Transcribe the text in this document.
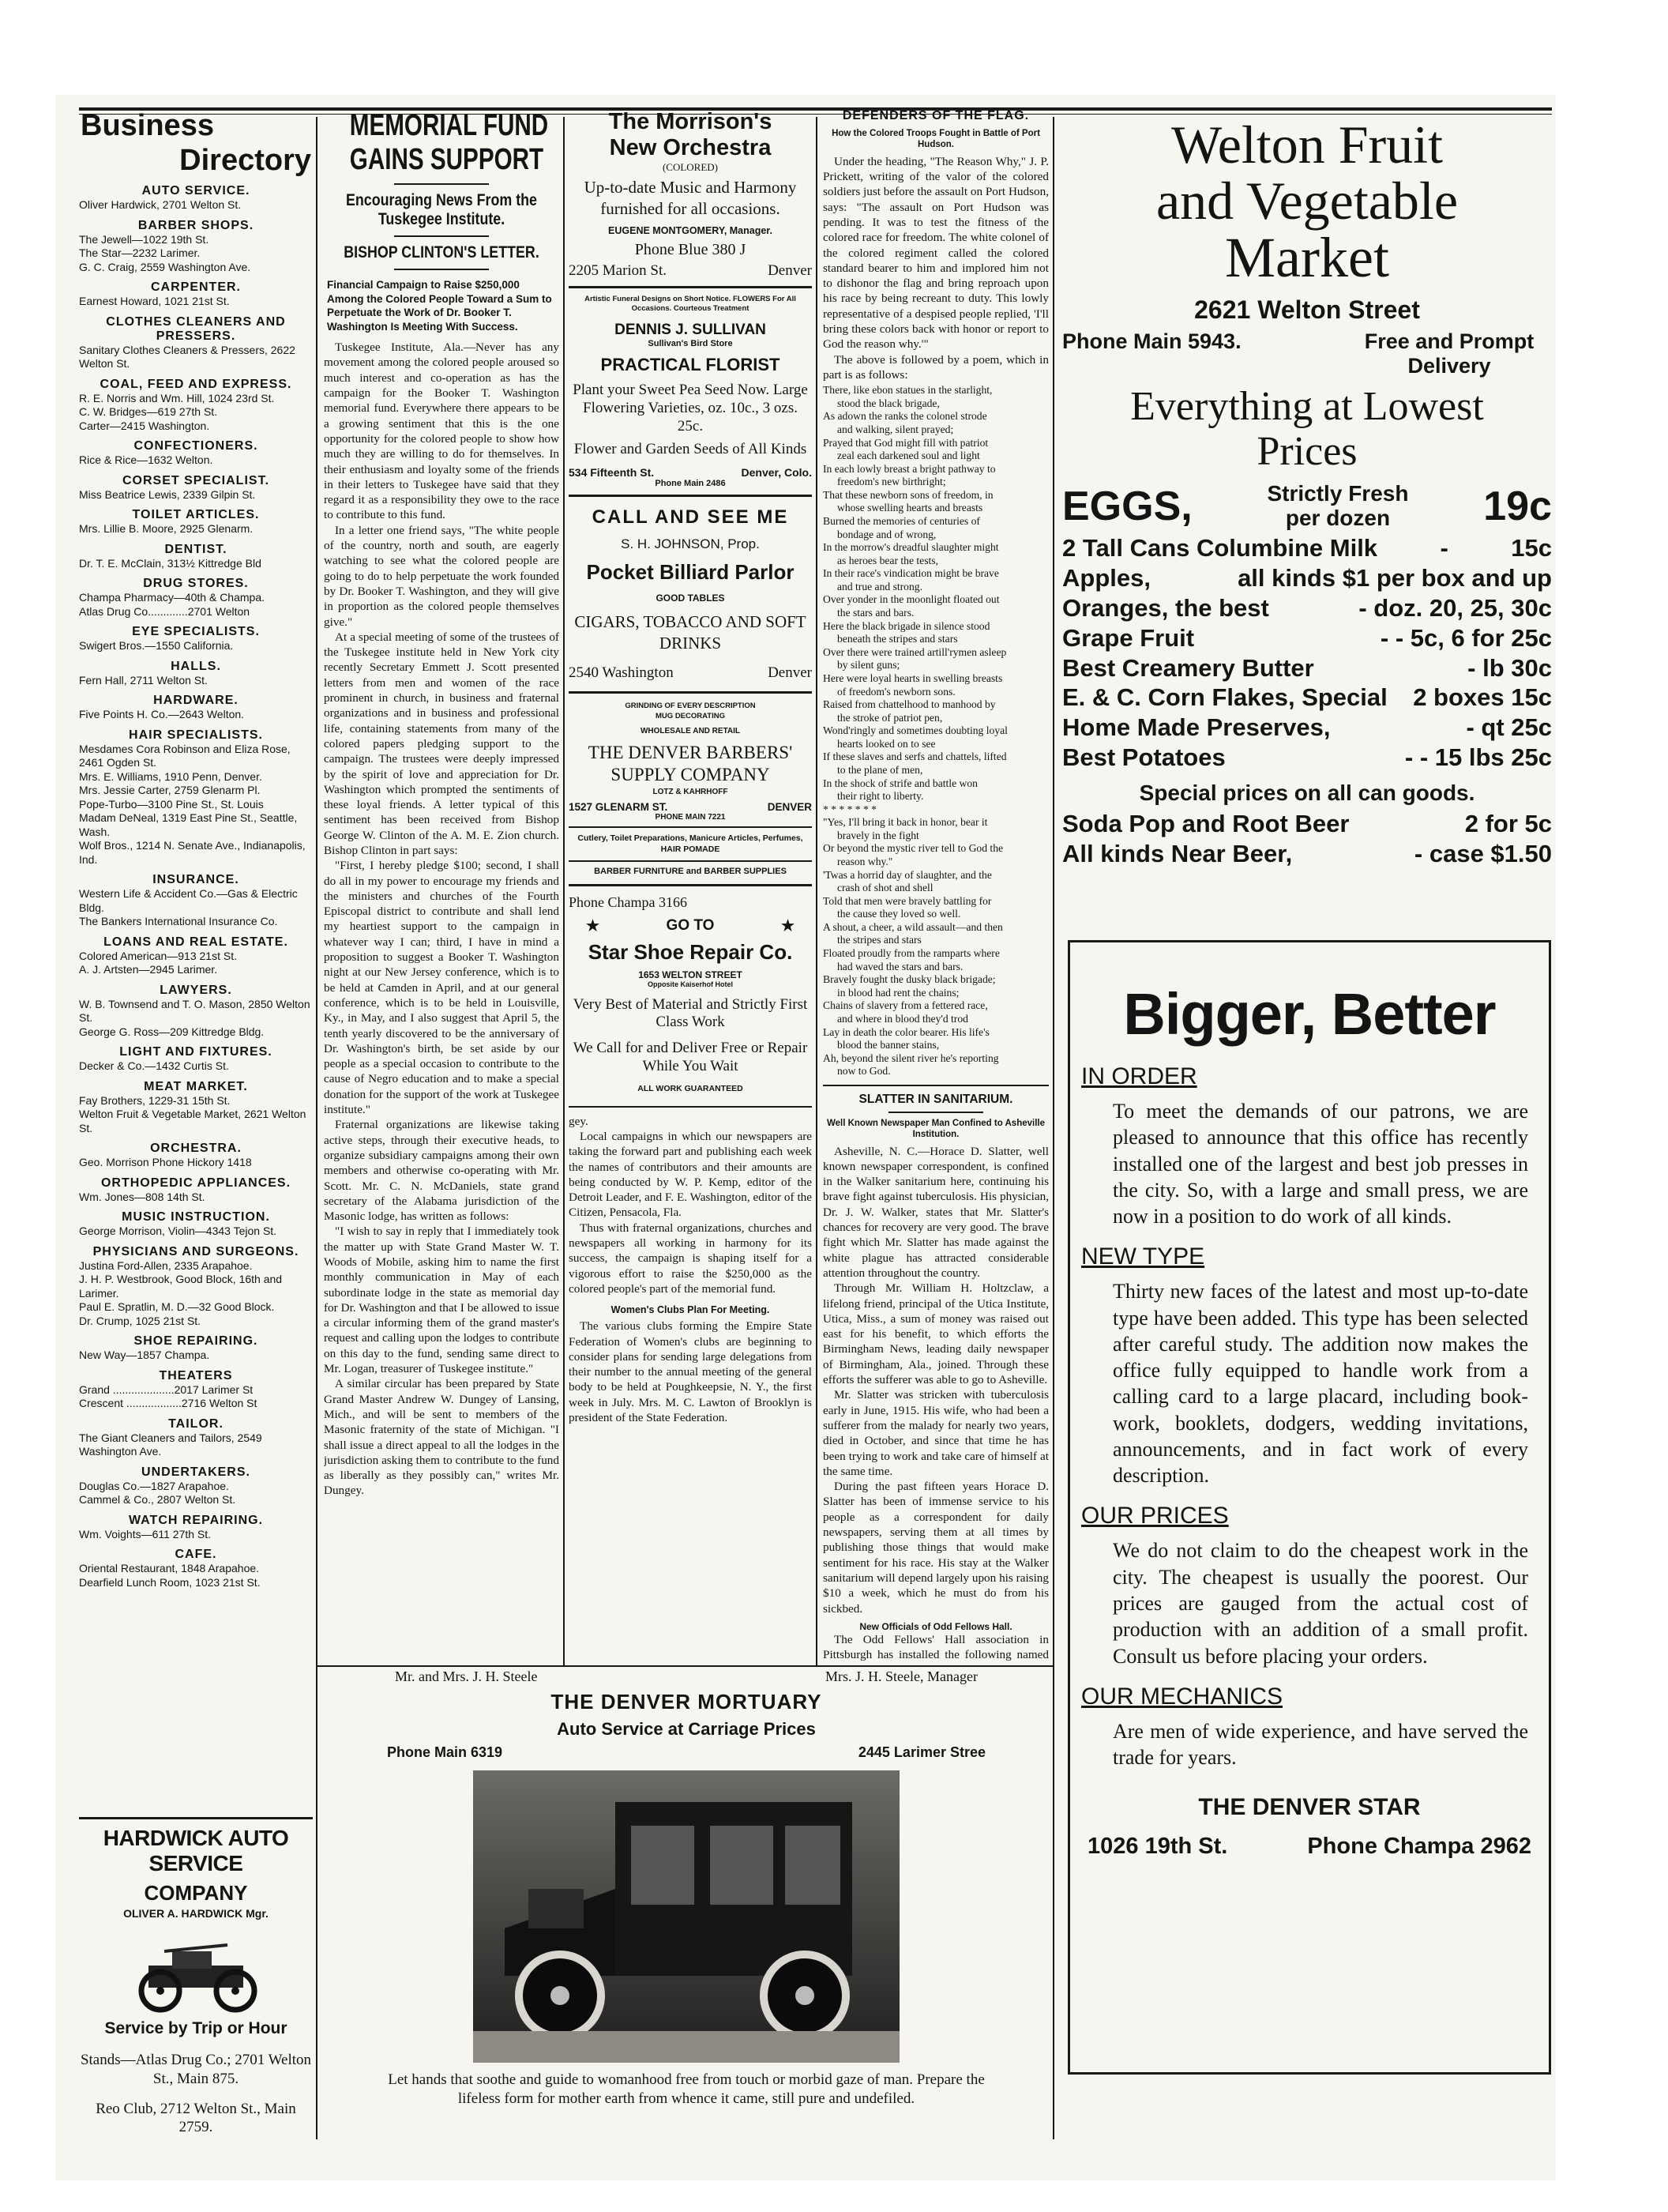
Business
Directory
AUTO SERVICE.
Oliver Hardwick, 2701 Welton St.
BARBER SHOPS.
The Jewell—1022 19th St.
The Star—2232 Larimer.
G. C. Craig, 2559 Washington Ave.
CARPENTER.
Earnest Howard, 1021 21st St.
CLOTHES CLEANERS AND PRESSERS.
Sanitary Clothes Cleaners & Pressers, 2622 Welton St.
COAL, FEED AND EXPRESS.
R. E. Norris and Wm. Hill, 1024 23rd St.
C. W. Bridges—619 27th St.
Carter—2415 Washington.
CONFECTIONERS.
Rice & Rice—1632 Welton.
CORSET SPECIALIST.
Miss Beatrice Lewis, 2339 Gilpin St.
TOILET ARTICLES.
Mrs. Lillie B. Moore, 2925 Glenarm.
DENTIST.
Dr. T. E. McClain, 313½ Kittredge Bld
DRUG STORES.
Champa Pharmacy—40th & Champa.
Atlas Drug Co.............2701 Welton
EYE SPECIALISTS.
Swigert Bros.—1550 California.
HALLS.
Fern Hall, 2711 Welton St.
HARDWARE.
Five Points H. Co.—2643 Welton.
HAIR SPECIALISTS.
Mesdames Cora Robinson and Eliza Rose, 2461 Ogden St.
Mrs. E. Williams, 1910 Penn, Denver.
Mrs. Jessie Carter, 2759 Glenarm Pl.
Pope-Turbo—3100 Pine St., St. Louis
Madam DeNeal, 1319 East Pine St., Seattle, Wash.
Wolf Bros., 1214 N. Senate Ave., Indianapolis, Ind.
INSURANCE.
Western Life & Accident Co.—Gas & Electric Bldg.
The Bankers International Insurance Co.
LOANS AND REAL ESTATE.
Colored American—913 21st St.
A. J. Artsten—2945 Larimer.
LAWYERS.
W. B. Townsend and T. O. Mason, 2850 Welton St.
George G. Ross—209 Kittredge Bldg.
LIGHT AND FIXTURES.
Decker & Co.—1432 Curtis St.
MEAT MARKET.
Fay Brothers, 1229-31 15th St.
Welton Fruit & Vegetable Market, 2621 Welton St.
ORCHESTRA.
Geo. Morrison Phone Hickory 1418
ORTHOPEDIC APPLIANCES.
Wm. Jones—808 14th St.
MUSIC INSTRUCTION.
George Morrison, Violin—4343 Tejon St.
PHYSICIANS AND SURGEONS.
Justina Ford-Allen, 2335 Arapahoe.
J. H. P. Westbrook, Good Block, 16th and Larimer.
Paul E. Spratlin, M. D.—32 Good Block.
Dr. Crump, 1025 21st St.
SHOE REPAIRING.
New Way—1857 Champa.
THEATERS
Grand ....................2017 Larimer St
Crescent ..................2716 Welton St
TAILOR.
The Giant Cleaners and Tailors, 2549 Washington Ave.
UNDERTAKERS.
Douglas Co.—1827 Arapahoe.
Cammel & Co., 2807 Welton St.
WATCH REPAIRING.
Wm. Voights—611 27th St.
CAFE.
Oriental Restaurant, 1848 Arapahoe.
Dearfield Lunch Room, 1023 21st St.
HARDWICK AUTO SERVICE
COMPANY
OLIVER A. HARDWICK Mgr.
Service by Trip or Hour

Stands—Atlas Drug Co.; 2701 Welton St., Main 875.

Reo Club, 2712 Welton St., Main 2759.

MEMORIAL FUND
GAINS SUPPORT
Encouraging News From the
Tuskegee Institute.
BISHOP CLINTON'S LETTER.

Financial Campaign to Raise $250,000 Among the Colored People Toward a Sum to Perpetuate the Work of Dr. Booker T. Washington Is Meeting With Success.

Tuskegee Institute, Ala.—Never has any movement among the colored people aroused so much interest and co-operation as has the campaign for the Booker T. Washington memorial fund. Everywhere there appears to be a growing sentiment that this is the one opportunity for the colored people to show how much they are willing to do for themselves. In their enthusiasm and loyalty some of the friends in their letters to Tuskegee have said that they regard it as a responsibility they owe to the race to contribute to this fund.

In a letter one friend says, "The white people of the country, north and south, are eagerly watching to see what the colored people are going to do to help perpetuate the work founded by Dr. Booker T. Washington, and they will give in proportion as the colored people themselves give."

At a special meeting of some of the trustees of the Tuskegee institute held in New York city recently Secretary Emmett J. Scott presented letters from men and women of the race prominent in church, in business and fraternal organizations and in business and professional life, containing statements from many of the colored papers pledging support to the campaign. The trustees were deeply impressed by the spirit of love and appreciation for Dr. Washington which prompted the sentiments of these loyal friends. A letter typical of this sentiment has been received from Bishop George W. Clinton of the A. M. E. Zion church. Bishop Clinton in part says:

"First, I hereby pledge $100; second, I shall do all in my power to encourage my friends and the ministers and churches of the Fourth Episcopal district to contribute and shall lend my heartiest support to the campaign in whatever way I can; third, I have in mind a proposition to suggest a Booker T. Washington night at our New Jersey conference, which is to be held at Camden in April, and at our general conference, which is to be held in Louisville, Ky., in May, and I also suggest that April 5, the tenth yearly discovered to be the anniversary of Dr. Washington's birth, be set aside by our people as a special occasion to contribute to the cause of Negro education and to make a special donation for the support of the work at Tuskegee institute."

Fraternal organizations are likewise taking active steps, through their executive heads, to organize subsidiary campaigns among their own members and otherwise co-operating with Mr. Scott. Mr. C. N. McDaniels, state grand secretary of the Alabama jurisdiction of the Masonic lodge, has written as follows:

"I wish to say in reply that I immediately took the matter up with State Grand Master W. T. Woods of Mobile, asking him to name the first monthly communication in May of each subordinate lodge in the state as memorial day for Dr. Washington and that I be allowed to issue a circular informing them of the grand master's request and calling upon the lodges to contribute on this day to the fund, sending same direct to Mr. Logan, treasurer of Tuskegee institute."

A similar circular has been prepared by State Grand Master Andrew W. Dungey of Lansing, Mich., and will be sent to members of the Masonic fraternity of the state of Michigan. "I shall issue a direct appeal to all the lodges in the jurisdiction asking them to contribute to the fund as liberally as they possibly can," writes Mr. Dungey.

The Morrison's
New Orchestra
(COLORED)

Up-to-date Music and Harmony furnished for all occasions.

EUGENE MONTGOMERY, Manager.
Phone Blue 380 J
2205 Marion St.	Denver

Artistic Funeral Designs on Short Notice. FLOWERS For All Occasions. Courteous Treatment

DENNIS J. SULLIVAN
Sullivan's Bird Store
PRACTICAL FLORIST

Plant your Sweet Pea Seed Now. Large Flowering Varieties, oz. 10c., 3 ozs. 25c.

Flower and Garden Seeds of All Kinds

534 Fifteenth St.	Denver, Colo.
Phone Main 2486
CALL AND SEE ME
S. H. JOHNSON, Prop.
Pocket Billiard Parlor
GOOD TABLES

CIGARS, TOBACCO AND SOFT DRINKS

2540 Washington	Denver
GRINDING OF EVERY DESCRIPTION
MUG DECORATING
WHOLESALE AND RETAIL
THE DENVER BARBERS' SUPPLY COMPANY
LOTZ & KAHRHOFF
1527 GLENARM ST.	DENVER
PHONE MAIN 7221

Cutlery, Toilet Preparations, Manicure Articles, Perfumes, HAIR POMADE

BARBER FURNITURE and BARBER SUPPLIES
Phone Champa 3166
★	GO TO	★
Star Shoe Repair Co.
1653 WELTON STREET
Opposite Kaiserhof Hotel

Very Best of Material and Strictly First Class Work

We Call for and Deliver Free or Repair While You Wait

ALL WORK GUARANTEED

gey.

Local campaigns in which our newspapers are taking the forward part and publishing each week the names of contributors and their amounts are being conducted by W. P. Kemp, editor of the Detroit Leader, and F. E. Washington, editor of the Citizen, Pensacola, Fla.

Thus with fraternal organizations, churches and newspapers all working in harmony for its success, the campaign is shaping itself for a vigorous effort to raise the $250,000 as the colored people's part of the memorial fund.

Women's Clubs Plan For Meeting.

The various clubs forming the Empire State Federation of Women's clubs are beginning to consider plans for sending large delegations from their number to the annual meeting of the general body to be held at Poughkeepsie, N. Y., the first week in July. Mrs. M. C. Lawton of Brooklyn is president of the State Federation.

DEFENDERS OF THE FLAG.
How the Colored Troops Fought in Battle of Port Hudson.

Under the heading, "The Reason Why," J. P. Prickett, writing of the valor of the colored soldiers just before the assault on Port Hudson, says: "The assault on Port Hudson was pending. It was to test the fitness of the colored race for freedom. The white colonel of the colored regiment called the colored standard bearer to him and implored him not to dishonor the flag and bring reproach upon his race by being recreant to duty. This lowly representative of a despised people replied, 'I'll bring these colors back with honor or report to God the reason why.'"

The above is followed by a poem, which in part is as follows:

There, like ebon statues in the starlight,

stood the black brigade,

As adown the ranks the colonel strode

and walking, silent prayed;

Prayed that God might fill with patriot

zeal each darkened soul and light

In each lowly breast a bright pathway to

freedom's new birthright;

That these newborn sons of freedom, in

whose swelling hearts and breasts

Burned the memories of centuries of

bondage and of wrong,

In the morrow's dreadful slaughter might

as heroes bear the tests,

In their race's vindication might be brave

and true and strong.

Over yonder in the moonlight floated out

the stars and bars.

Here the black brigade in silence stood

beneath the stripes and stars

Over there were trained artill'rymen asleep

by silent guns;

Here were loyal hearts in swelling breasts

of freedom's newborn sons.

Raised from chattelhood to manhood by

the stroke of patriot pen,

Wond'ringly and sometimes doubting loyal

hearts looked on to see

If these slaves and serfs and chattels, lifted

to the plane of men,

In the shock of strife and battle won

their right to liberty.

* * * * * * *

"Yes, I'll bring it back in honor, bear it

bravely in the fight

Or beyond the mystic river tell to God the

reason why."

'Twas a horrid day of slaughter, and the

crash of shot and shell

Told that men were bravely battling for

the cause they loved so well.

A shout, a cheer, a wild assault—and then

the stripes and stars

Floated proudly from the ramparts where

had waved the stars and bars.

Bravely fought the dusky black brigade;

in blood had rent the chains;

Chains of slavery from a fettered race,

and where in blood they'd trod

Lay in death the color bearer. His life's

blood the banner stains,

Ah, beyond the silent river he's reporting

now to God.

SLATTER IN SANITARIUM.
Well Known Newspaper Man Confined to Asheville Institution.

Asheville, N. C.—Horace D. Slatter, well known newspaper correspondent, is confined in the Walker sanitarium here, continuing his brave fight against tuberculosis. His physician, Dr. J. W. Walker, states that Mr. Slatter's chances for recovery are very good. The brave fight which Mr. Slatter has made against the white plague has attracted considerable attention throughout the country.

Through Mr. William H. Holtzclaw, a lifelong friend, principal of the Utica Institute, Utica, Miss., a sum of money was raised out east for his benefit, to which efforts the Birmingham News, leading daily newspaper of Birmingham, Ala., joined. Through these efforts the sufferer was able to go to Asheville.

Mr. Slatter was stricken with tuberculosis early in June, 1915. His wife, who had been a sufferer from the malady for nearly two years, died in October, and since that time he has been trying to work and take care of himself at the same time.

During the past fifteen years Horace D. Slatter has been of immense service to his people as a correspondent for daily newspapers, serving them at all times by publishing those things that would make sentiment for his race. His stay at the Walker sanitarium will depend largely upon his raising $10 a week, which he must do from his sickbed.

New Officials of Odd Fellows Hall.

The Odd Fellows' Hall association in Pittsburgh has installed the following named

Mr. and Mrs. J. H. Steele	Mrs. J. H. Steele, Manager
THE DENVER MORTUARY
Auto Service at Carriage Prices
Phone Main 6319	2445 Larimer Stree

Let hands that soothe and guide to womanhood free from touch or morbid gaze of man. Prepare the lifeless form for mother earth from whence it came, still pure and undefiled.

Welton Fruit
and Vegetable
Market
2621 Welton Street
Phone Main 5943.	Free and Prompt Delivery
Everything at Lowest Prices
EGGS,	Strictly Fresh per dozen	19c
2 Tall Cans Columbine Milk	-	15c
Apples,	all kinds $1 per box and up
Oranges, the best	- doz. 20, 25, 30c
Grape Fruit	- - 5c, 6 for 25c
Best Creamery Butter	- lb 30c
E. & C. Corn Flakes, Special 2 boxes 15c
Home Made Preserves,	- qt 25c
Best Potatoes	- - 15 lbs 25c
Special prices on all can goods.
Soda Pop and Root Beer	2 for 5c
All kinds Near Beer,	- case $1.50
Bigger, Better
IN ORDER

To meet the demands of our patrons, we are pleased to announce that this office has recently installed one of the largest and best job presses in the city. So, with a large and small press, we are now in a position to do work of all kinds.

NEW TYPE

Thirty new faces of the latest and most up-to-date type have been added. This type has been selected after careful study. The addition now makes the office fully equipped to handle work from a calling card to a large placard, including book-work, booklets, dodgers, wedding invitations, announcements, and in fact work of every description.

OUR PRICES

We do not claim to do the cheapest work in the city. The cheapest is usually the poorest. Our prices are gauged from the actual cost of production with an addition of a small profit. Consult us before placing your orders.

OUR MECHANICS

Are men of wide experience, and have served the trade for years.

THE DENVER STAR
1026 19th St.	Phone Champa 2962
